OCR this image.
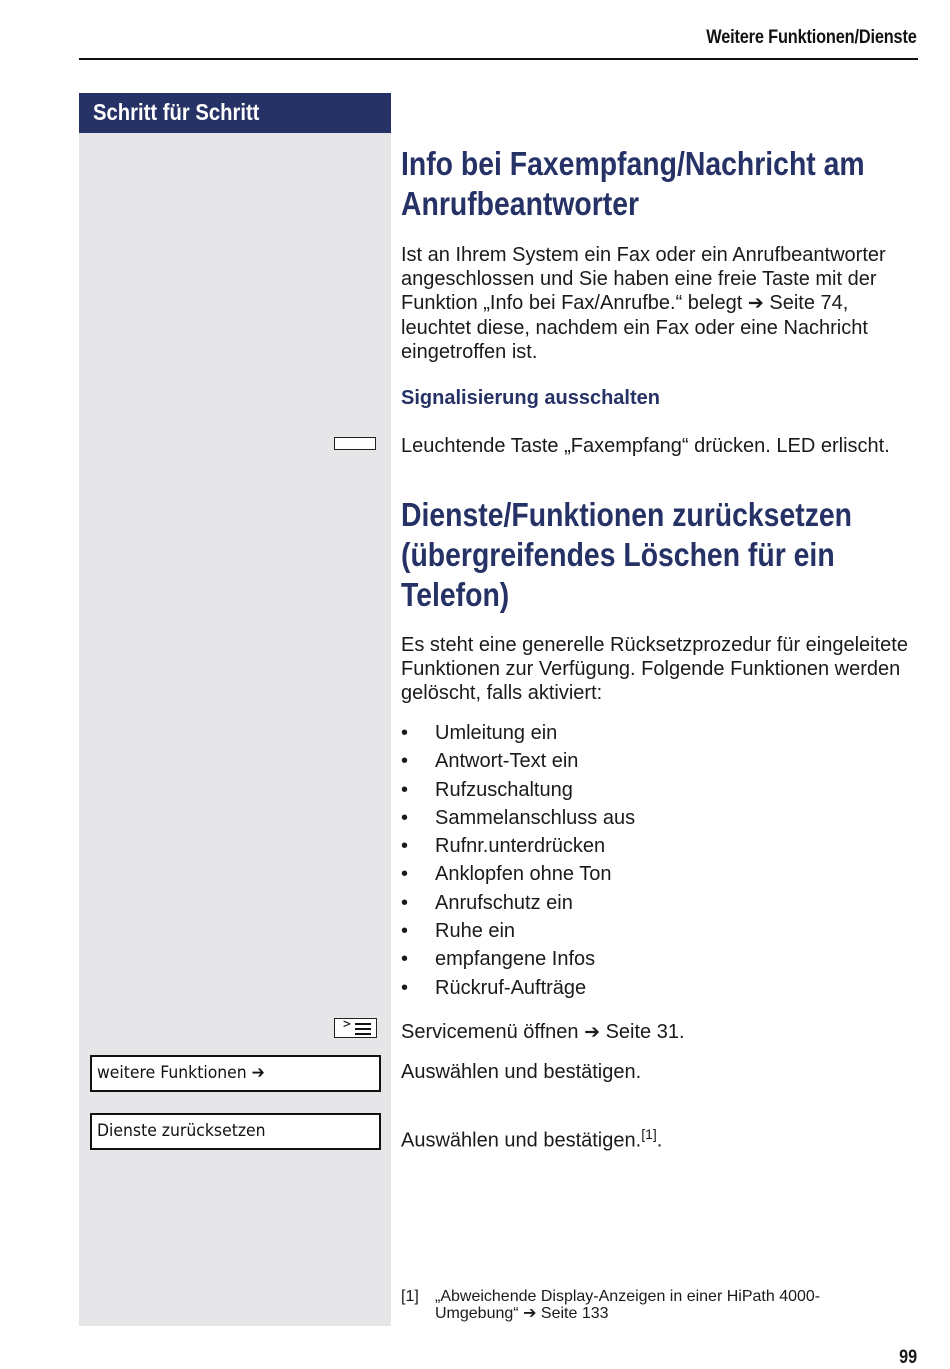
Weitere Funktionen/Dienste
Schritt für Schritt
Info bei Faxempfang/Nachricht am Anrufbeantworter
Ist an Ihrem System ein Fax oder ein Anrufbeantworter angeschlossen und Sie haben eine freie Taste mit der Funktion „Info bei Fax/Anrufbe.“ belegt ➔ Seite 74, leuchtet diese, nachdem ein Fax oder eine Nachricht eingetroffen ist.
Signalisierung ausschalten
Leuchtende Taste „Faxempfang“ drücken. LED erlischt.
Dienste/Funktionen zurücksetzen (übergreifendes Löschen für ein Telefon)
Es steht eine generelle Rücksetzprozedur für eingeleitete Funktionen zur Verfügung. Folgende Funktionen werden gelöscht, falls aktiviert:
• Umleitung ein
• Antwort-Text ein
• Rufzuschaltung
• Sammelanschluss aus
• Rufnr.unterdrücken
• Anklopfen ohne Ton
• Anrufschutz ein
• Ruhe ein
• empfangene Infos
• Rückruf-Aufträge
>	Servicemenü öffnen ➔ Seite 31.
weitere Funktionen ➔	Auswählen und bestätigen.
Dienste zurücksetzen	Auswählen und bestätigen.[1].
[1] „Abweichende Display-Anzeigen in einer HiPath 4000-Umgebung“ ➔ Seite 133
99
